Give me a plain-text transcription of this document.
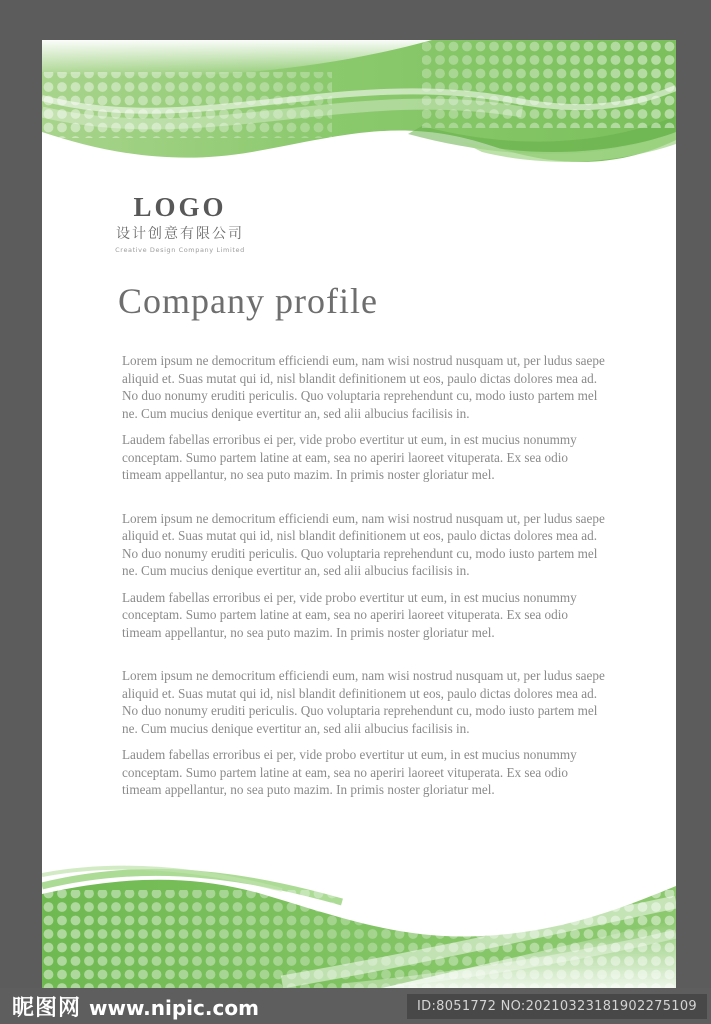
LOGO
设计创意有限公司
Creative Design Company Limited
Company profile

Lorem ipsum ne democritum efficiendi eum, nam wisi nostrud nusquam ut, per ludus saepe aliquid et. Suas mutat qui id, nisl blandit definitionem ut eos, paulo dictas dolores mea ad. No duo nonumy eruditi periculis. Quo voluptaria reprehendunt cu, modo iusto partem mel ne. Cum mucius denique evertitur an, sed alii albucius facilisis in.

Laudem fabellas erroribus ei per, vide probo evertitur ut eum, in est mucius nonummy conceptam. Sumo partem latine at eam, sea no aperiri laoreet vituperata. Ex sea odio timeam appellantur, no sea puto mazim. In primis noster gloriatur mel.

Lorem ipsum ne democritum efficiendi eum, nam wisi nostrud nusquam ut, per ludus saepe aliquid et. Suas mutat qui id, nisl blandit definitionem ut eos, paulo dictas dolores mea ad. No duo nonumy eruditi periculis. Quo voluptaria reprehendunt cu, modo iusto partem mel ne. Cum mucius denique evertitur an, sed alii albucius facilisis in.

Laudem fabellas erroribus ei per, vide probo evertitur ut eum, in est mucius nonummy conceptam. Sumo partem latine at eam, sea no aperiri laoreet vituperata. Ex sea odio timeam appellantur, no sea puto mazim. In primis noster gloriatur mel.

Lorem ipsum ne democritum efficiendi eum, nam wisi nostrud nusquam ut, per ludus saepe aliquid et. Suas mutat qui id, nisl blandit definitionem ut eos, paulo dictas dolores mea ad. No duo nonumy eruditi periculis. Quo voluptaria reprehendunt cu, modo iusto partem mel ne. Cum mucius denique evertitur an, sed alii albucius facilisis in.

Laudem fabellas erroribus ei per, vide probo evertitur ut eum, in est mucius nonummy conceptam. Sumo partem latine at eam, sea no aperiri laoreet vituperata. Ex sea odio timeam appellantur, no sea puto mazim. In primis noster gloriatur mel.

昵图网 www.nipic.com	ID:8051772 NO:20210323181902275109
